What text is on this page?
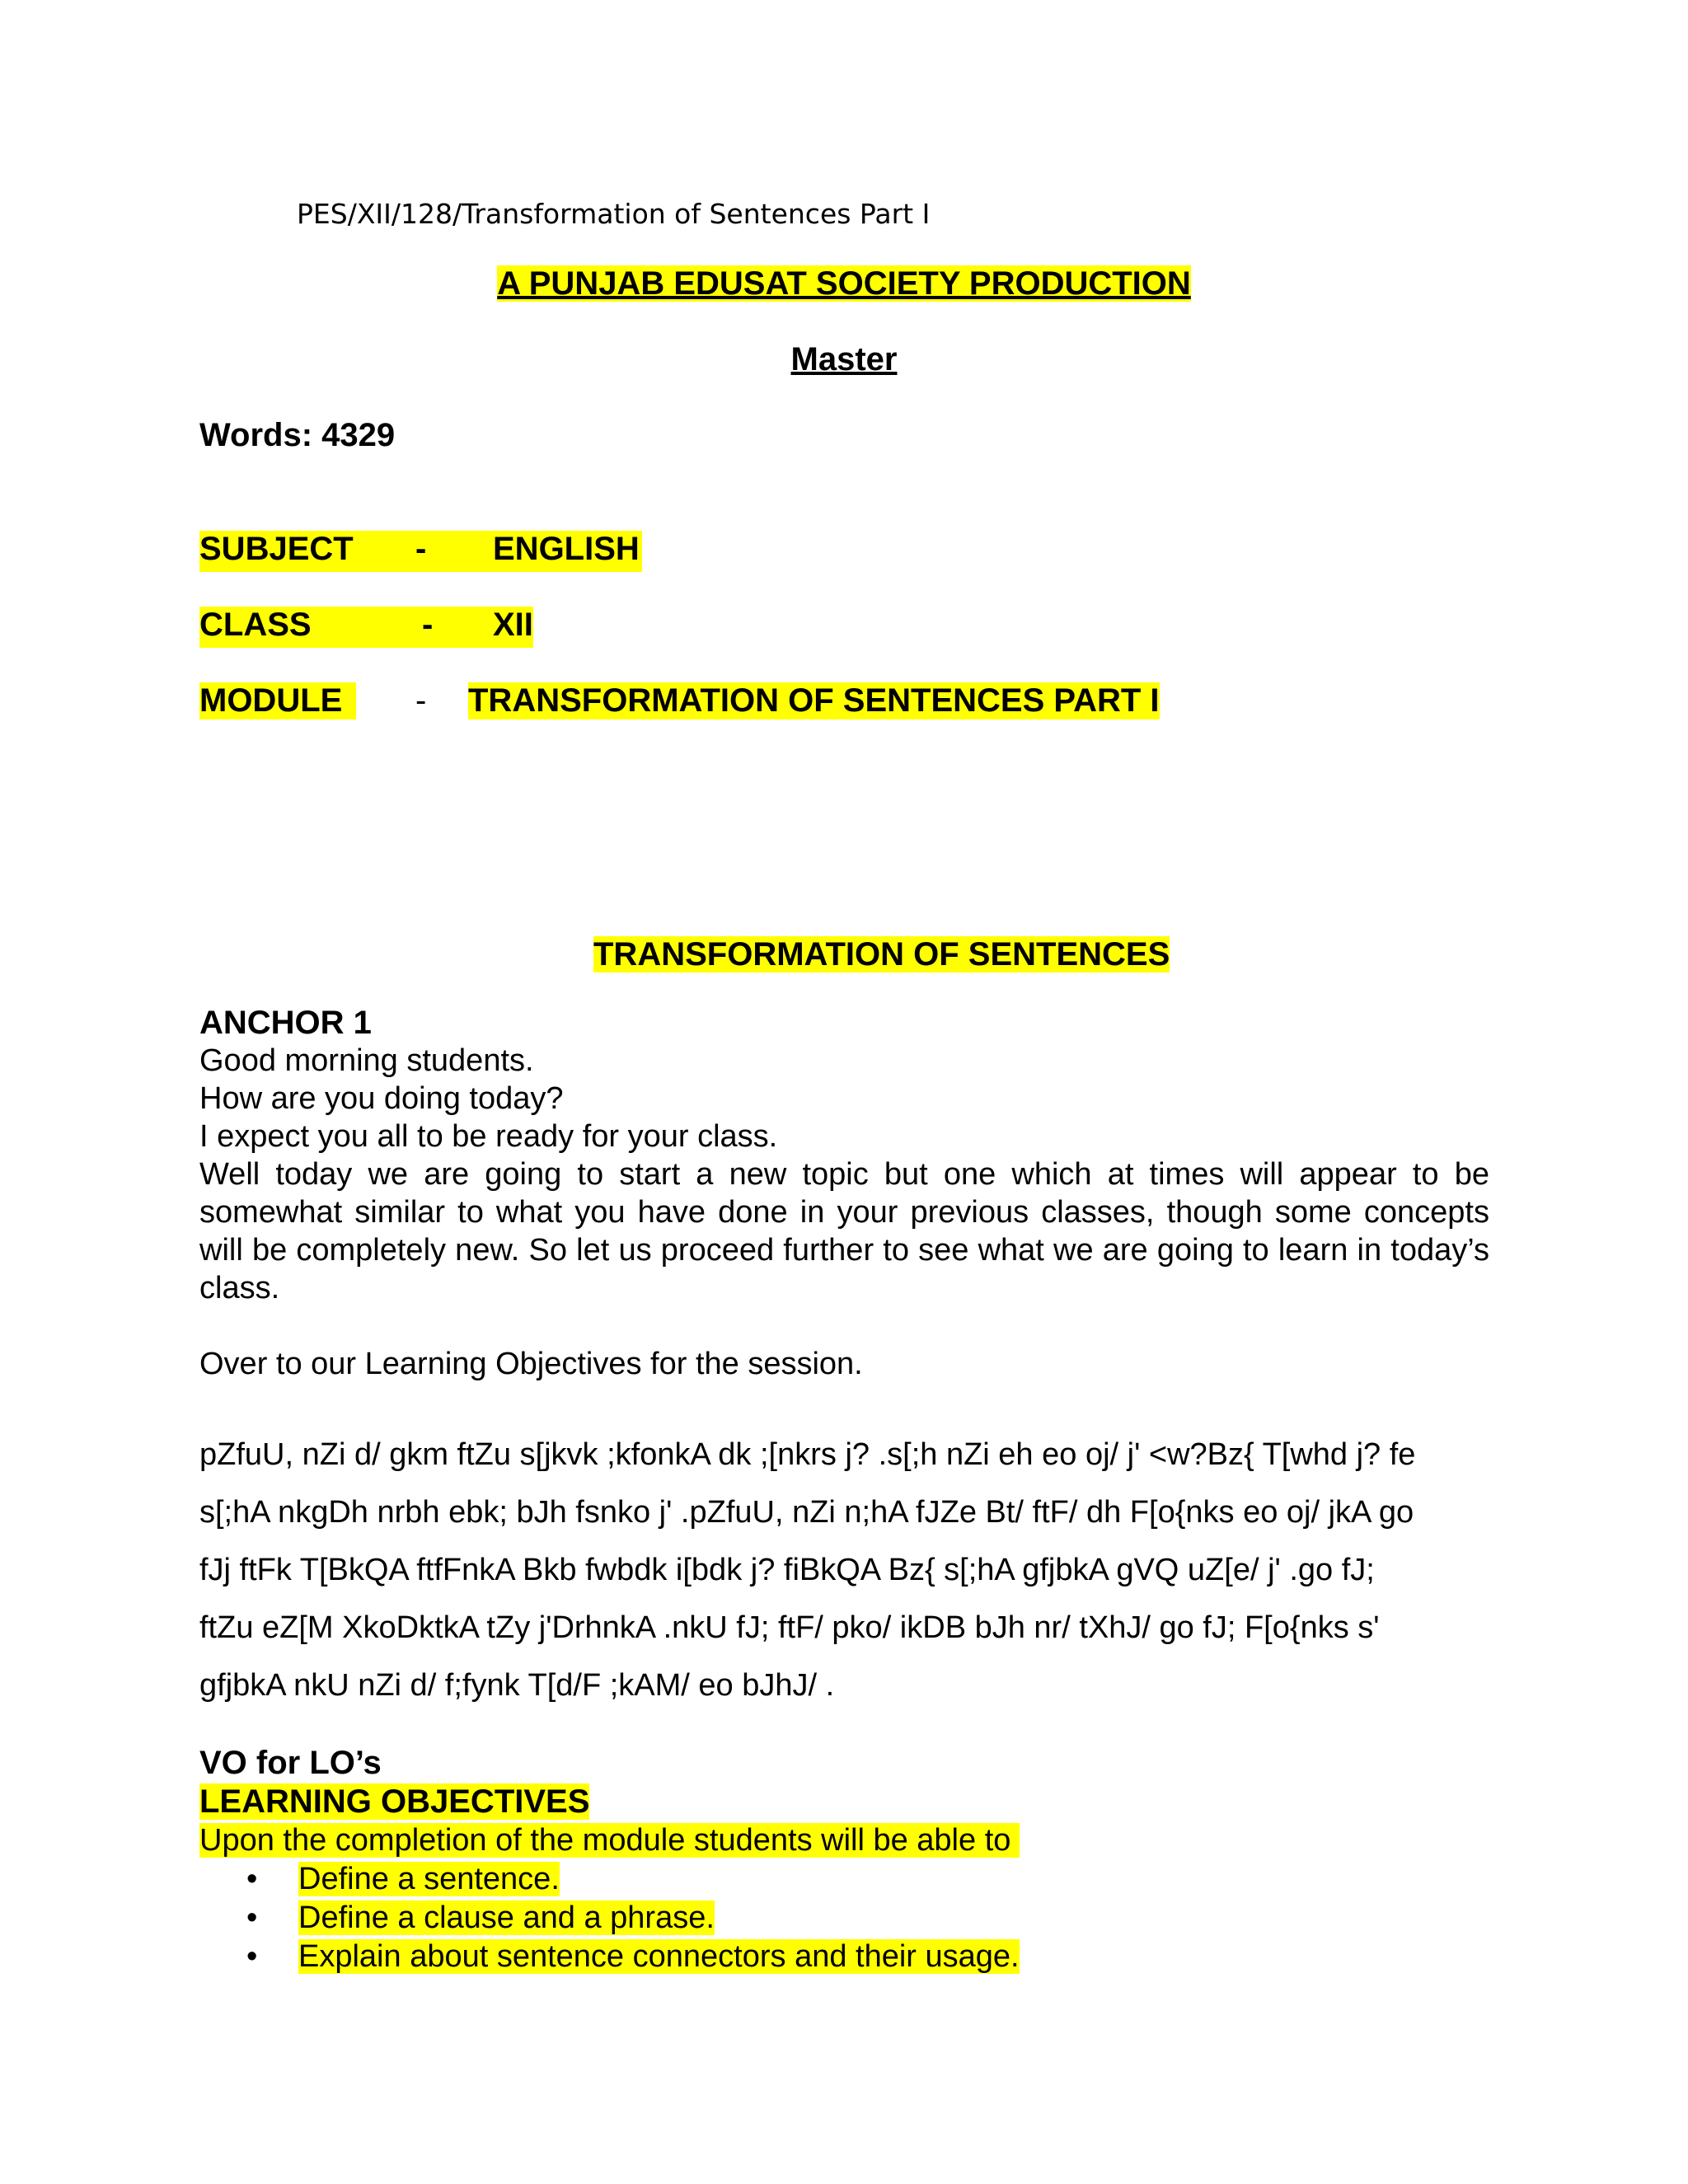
PES/XII/128/Transformation of Sentences Part I
A PUNJAB EDUSAT SOCIETY PRODUCTION
Master
Words: 4329
SUBJECT - ENGLISH
CLASS	- XII
MODULE	- TRANSFORMATION OF SENTENCES PART I
TRANSFORMATION OF SENTENCES
ANCHOR 1
Good morning students.
How are you doing today?
I expect you all to be ready for your class.
Well today we are going to start a new topic but one which at times will appear to be somewhat similar to what you have done in your previous classes, though some concepts will be completely new. So let us proceed further to see what we are going to learn in today’s class.
Over to our Learning Objectives for the session.
pZfuU, nZi d/ gkm ftZu s[jkvk ;kfonkA dk ;[nkrs j? .s[;h nZi eh eo oj/ j' <w?Bz{ T[whd j? fe
s[;hA nkgDh nrbh ebk; bJh fsnko j' .pZfuU, nZi n;hA fJZe Bt/ ftF/ dh F[o{nks eo oj/ jkA go
fJj ftFk T[BkQA ftfFnkA Bkb fwbdk i[bdk j? fiBkQA Bz{ s[;hA gfjbkA gVQ uZ[e/ j' .go fJ;
ftZu eZ[M XkoDktkA tZy j'DrhnkA .nkU fJ; ftF/ pko/ ikDB bJh nr/ tXhJ/ go fJ; F[o{nks s'
gfjbkA nkU nZi d/ f;fynk T[d/F ;kAM/ eo bJhJ/ .
VO for LO’s
LEARNING OBJECTIVES
Upon the completion of the module students will be able to
• Define a sentence.
• Define a clause and a phrase.
• Explain about sentence connectors and their usage.
